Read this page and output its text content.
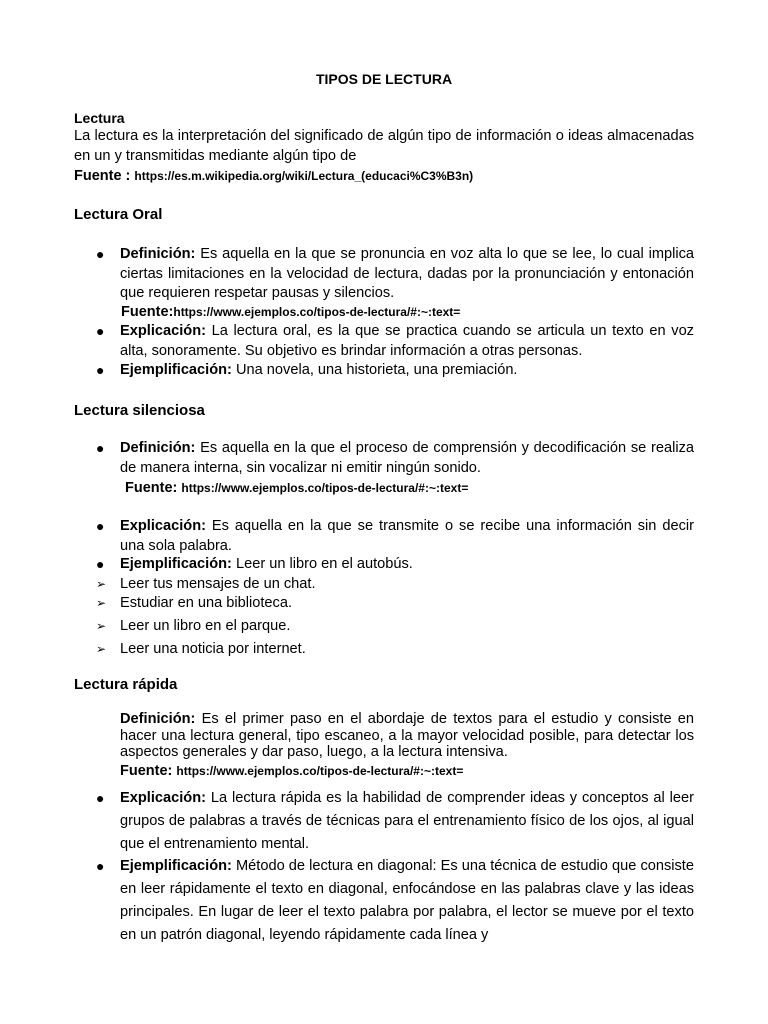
TIPOS DE LECTURA
Lectura
La lectura es la interpretación del significado de algún tipo de información o ideas almacenadas en un y transmitidas mediante algún tipo de
Fuente : https://es.m.wikipedia.org/wiki/Lectura_(educaci%C3%B3n)
Lectura Oral
● Definición: Es aquella en la que se pronuncia en voz alta lo que se lee, lo cual implica ciertas limitaciones en la velocidad de lectura, dadas por la pronunciación y entonación que requieren respetar pausas y silencios.
Fuente:https://www.ejemplos.co/tipos-de-lectura/#:~:text=
● Explicación: La lectura oral, es la que se practica cuando se articula un texto en voz alta, sonoramente. Su objetivo es brindar información a otras personas.
● Ejemplificación: Una novela, una historieta, una premiación.
Lectura silenciosa
● Definición: Es aquella en la que el proceso de comprensión y decodificación se realiza de manera interna, sin vocalizar ni emitir ningún sonido.
Fuente: https://www.ejemplos.co/tipos-de-lectura/#:~:text=
● Explicación: Es aquella en la que se transmite o se recibe una información sin decir una sola palabra.
● Ejemplificación: Leer un libro en el autobús.
➢ Leer tus mensajes de un chat.
➢ Estudiar en una biblioteca.
➢ Leer un libro en el parque.
➢ Leer una noticia por internet.
Lectura rápida
Definición: Es el primer paso en el abordaje de textos para el estudio y consiste en hacer una lectura general, tipo escaneo, a la mayor velocidad posible, para detectar los aspectos generales y dar paso, luego, a la lectura intensiva.
Fuente: https://www.ejemplos.co/tipos-de-lectura/#:~:text=
● Explicación: La lectura rápida es la habilidad de comprender ideas y conceptos al leer grupos de palabras a través de técnicas para el entrenamiento físico de los ojos, al igual que el entrenamiento mental.
● Ejemplificación: Método de lectura en diagonal: Es una técnica de estudio que consiste en leer rápidamente el texto en diagonal, enfocándose en las palabras clave y las ideas principales. En lugar de leer el texto palabra por palabra, el lector se mueve por el texto en un patrón diagonal, leyendo rápidamente cada línea y
